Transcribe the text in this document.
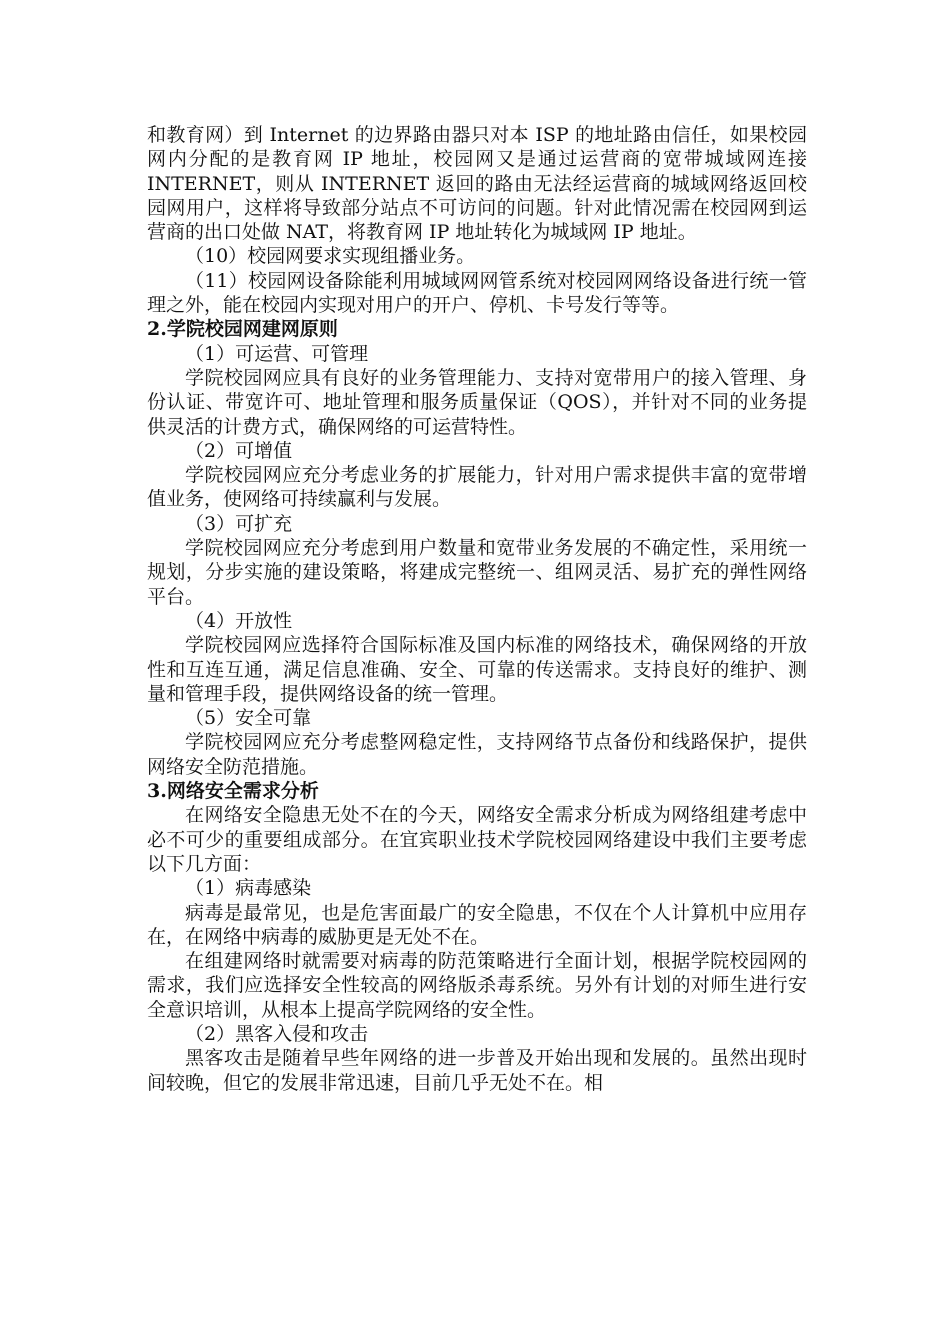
和教育网）到 Internet 的边界路由器只对本 ISP 的地址路由信任，如果校园网内分配的是教育网 IP 地址，校园网又是通过运营商的宽带城域网连接 INTERNET，则从 INTERNET 返回的路由无法经运营商的城域网络返回校园网用户，这样将导致部分站点不可访问的问题。针对此情况需在校园网到运营商的出口处做 NAT，将教育网 IP 地址转化为城域网 IP 地址。

（10）校园网要求实现组播业务。

（11）校园网设备除能利用城域网网管系统对校园网网络设备进行统一管理之外，能在校园内实现对用户的开户、停机、卡号发行等等。

2.学院校园网建网原则

（1）可运营、可管理

学院校园网应具有良好的业务管理能力、支持对宽带用户的接入管理、身份认证、带宽许可、地址管理和服务质量保证（QOS），并针对不同的业务提供灵活的计费方式，确保网络的可运营特性。

（2）可增值

学院校园网应充分考虑业务的扩展能力，针对用户需求提供丰富的宽带增值业务，使网络可持续赢利与发展。

（3）可扩充

学院校园网应充分考虑到用户数量和宽带业务发展的不确定性，采用统一规划，分步实施的建设策略，将建成完整统一、组网灵活、易扩充的弹性网络平台。

（4）开放性

学院校园网应选择符合国际标准及国内标准的网络技术，确保网络的开放性和互连互通，满足信息准确、安全、可靠的传送需求。支持良好的维护、测量和管理手段，提供网络设备的统一管理。

（5）安全可靠

学院校园网应充分考虑整网稳定性，支持网络节点备份和线路保护，提供网络安全防范措施。

3.网络安全需求分析

在网络安全隐患无处不在的今天，网络安全需求分析成为网络组建考虑中必不可少的重要组成部分。在宜宾职业技术学院校园网络建设中我们主要考虑以下几方面：

（1）病毒感染

病毒是最常见，也是危害面最广的安全隐患，不仅在个人计算机中应用存在，在网络中病毒的威胁更是无处不在。

在组建网络时就需要对病毒的防范策略进行全面计划，根据学院校园网的需求，我们应选择安全性较高的网络版杀毒系统。另外有计划的对师生进行安全意识培训，从根本上提高学院网络的安全性。

（2）黑客入侵和攻击

黑客攻击是随着早些年网络的进一步普及开始出现和发展的。虽然出现时间较晚，但它的发展非常迅速，目前几乎无处不在。相
